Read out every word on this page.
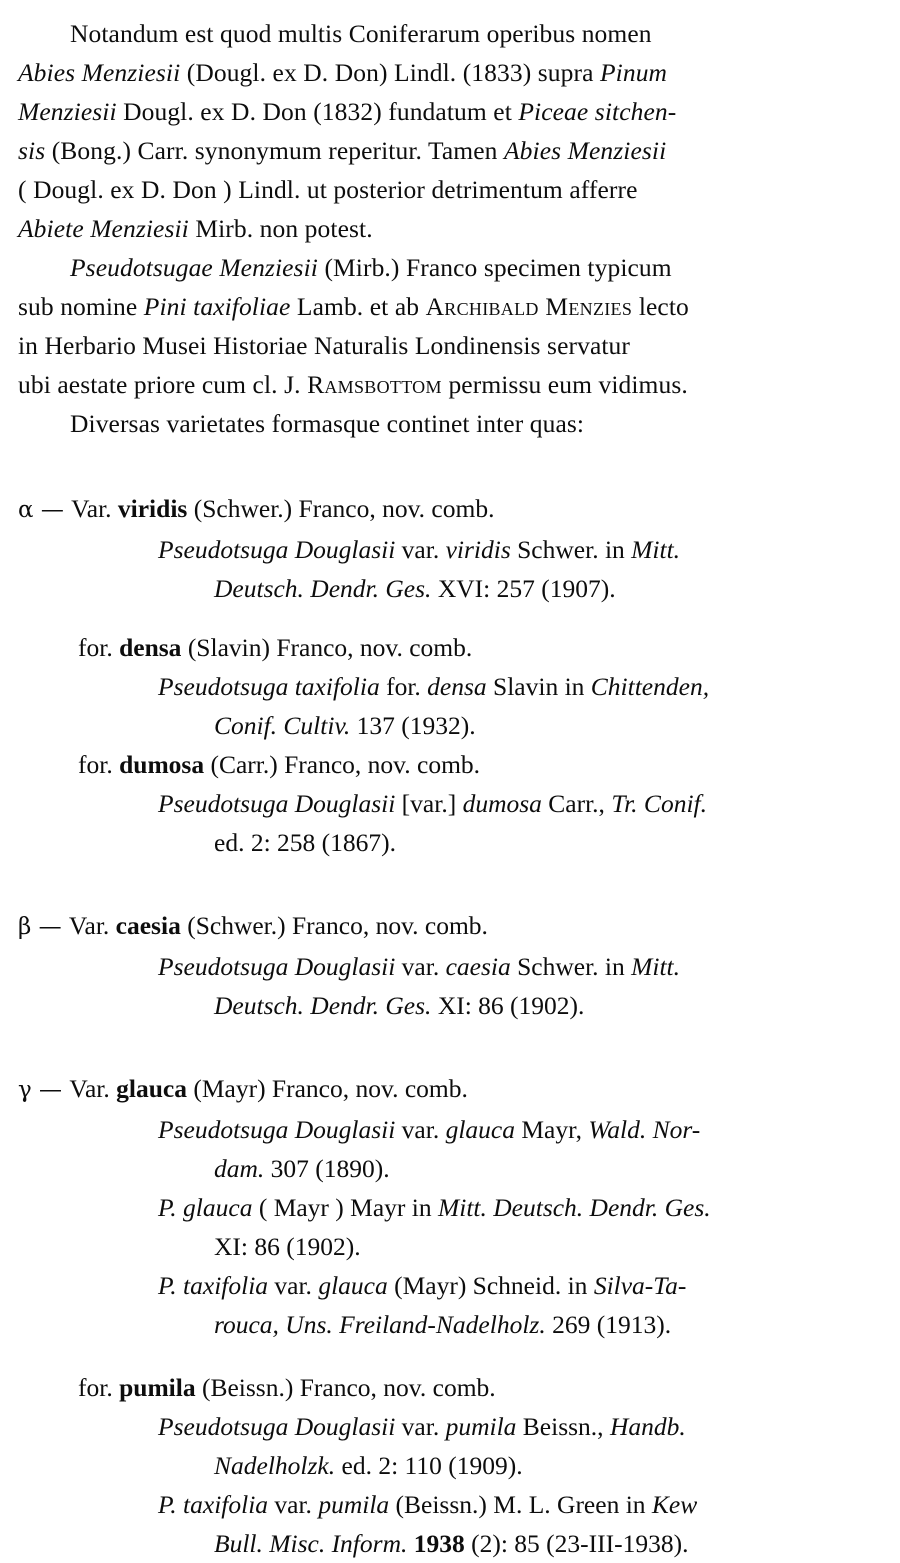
Notandum est quod multis Coniferarum operibus nomen
Abies Menziesii (Dougl. ex D. Don) Lindl. (1833) supra Pinum
Menziesii Dougl. ex D. Don (1832) fundatum et Piceae sitchen-
sis (Bong.) Carr. synonymum reperitur. Tamen Abies Menziesii
( Dougl. ex D. Don ) Lindl. ut posterior detrimentum afferre
Abiete Menziesii Mirb. non potest.
Pseudotsugae Menziesii (Mirb.) Franco specimen typicum
sub nomine Pini taxifoliae Lamb. et ab Archibald Menzies lecto
in Herbario Musei Historiae Naturalis Londinensis servatur
ubi aestate priore cum cl. J. Ramsbottom permissu eum vidimus.
Diversas varietates formasque continet inter quas:
α — Var. viridis (Schwer.) Franco, nov. comb.
Pseudotsuga Douglasii var. viridis Schwer. in Mitt.
Deutsch. Dendr. Ges. XVI: 257 (1907).
for. densa (Slavin) Franco, nov. comb.
Pseudotsuga taxifolia for. densa Slavin in Chittenden,
Conif. Cultiv. 137 (1932).
for. dumosa (Carr.) Franco, nov. comb.
Pseudotsuga Douglasii [var.] dumosa Carr., Tr. Conif.
ed. 2: 258 (1867).
β — Var. caesia (Schwer.) Franco, nov. comb.
Pseudotsuga Douglasii var. caesia Schwer. in Mitt.
Deutsch. Dendr. Ges. XI: 86 (1902).
γ — Var. glauca (Mayr) Franco, nov. comb.
Pseudotsuga Douglasii var. glauca Mayr, Wald. Nor-
dam. 307 (1890).
P. glauca ( Mayr ) Mayr in Mitt. Deutsch. Dendr. Ges.
XI: 86 (1902).
P. taxifolia var. glauca (Mayr) Schneid. in Silva-Ta-
rouca, Uns. Freiland-Nadelholz. 269 (1913).
for. pumila (Beissn.) Franco, nov. comb.
Pseudotsuga Douglasii var. pumila Beissn., Handb.
Nadelholzk. ed. 2: 110 (1909).
P. taxifolia var. pumila (Beissn.) M. L. Green in Kew
Bull. Misc. Inform. 1938 (2): 85 (23-III-1938).
